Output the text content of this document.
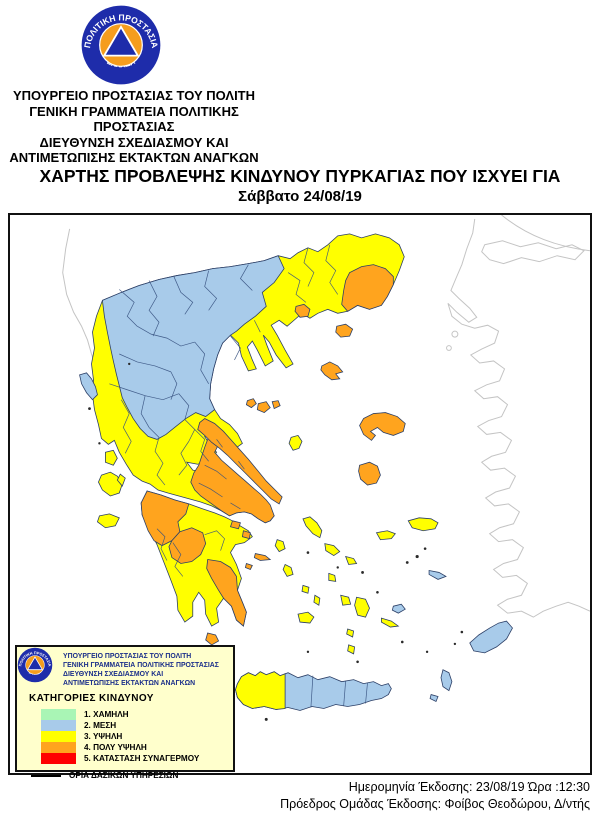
ΥΠΟΥΡΓΕΙΟ ΠΡΟΣΤΑΣΙΑΣ ΤΟΥ ΠΟΛΙΤΗ
ΓΕΝΙΚΗ ΓΡΑΜΜΑΤΕΙΑ ΠΟΛΙΤΙΚΗΣ ΠΡΟΣΤΑΣΙΑΣ
ΔΙΕΥΘΥΝΣΗ ΣΧΕΔΙΑΣΜΟΥ ΚΑΙ
ΑΝΤΙΜΕΤΩΠΙΣΗΣ ΕΚΤΑΚΤΩΝ ΑΝΑΓΚΩΝ
ΧΑΡΤΗΣ ΠΡΟΒΛΕΨΗΣ ΚΙΝΔΥΝΟΥ ΠΥΡΚΑΓΙΑΣ ΠΟΥ ΙΣΧΥΕΙ ΓΙΑ
Σάββατο 24/08/19
ΥΠΟΥΡΓΕΙΟ ΠΡΟΣΤΑΣΙΑΣ ΤΟΥ ΠΟΛΙΤΗ
ΓΕΝΙΚΗ ΓΡΑΜΜΑΤΕΙΑ ΠΟΛΙΤΙΚΗΣ ΠΡΟΣΤΑΣΙΑΣ
ΔΙΕΥΘΥΝΣΗ ΣΧΕΔΙΑΣΜΟΥ ΚΑΙ
ΑΝΤΙΜΕΤΩΠΙΣΗΣ ΕΚΤΑΚΤΩΝ ΑΝΑΓΚΩΝ
ΚΑΤΗΓΟΡΙΕΣ ΚΙΝΔΥΝΟΥ
1. ΧΑΜΗΛΗ
2. ΜΕΣΗ
3. ΥΨΗΛΗ
4. ΠΟΛΥ ΥΨΗΛΗ
5. ΚΑΤΑΣΤΑΣΗ ΣΥΝΑΓΕΡΜΟΥ
ΟΡΙΑ ΔΑΣΙΚΩΝ ΥΠΗΡΕΣΙΩΝ
Ημερομηνία Έκδοσης: 23/08/19 Ώρα :12:30
Πρόεδρος Ομάδας Έκδοσης: Φοίβος Θεοδώρου, Δ/ντής
